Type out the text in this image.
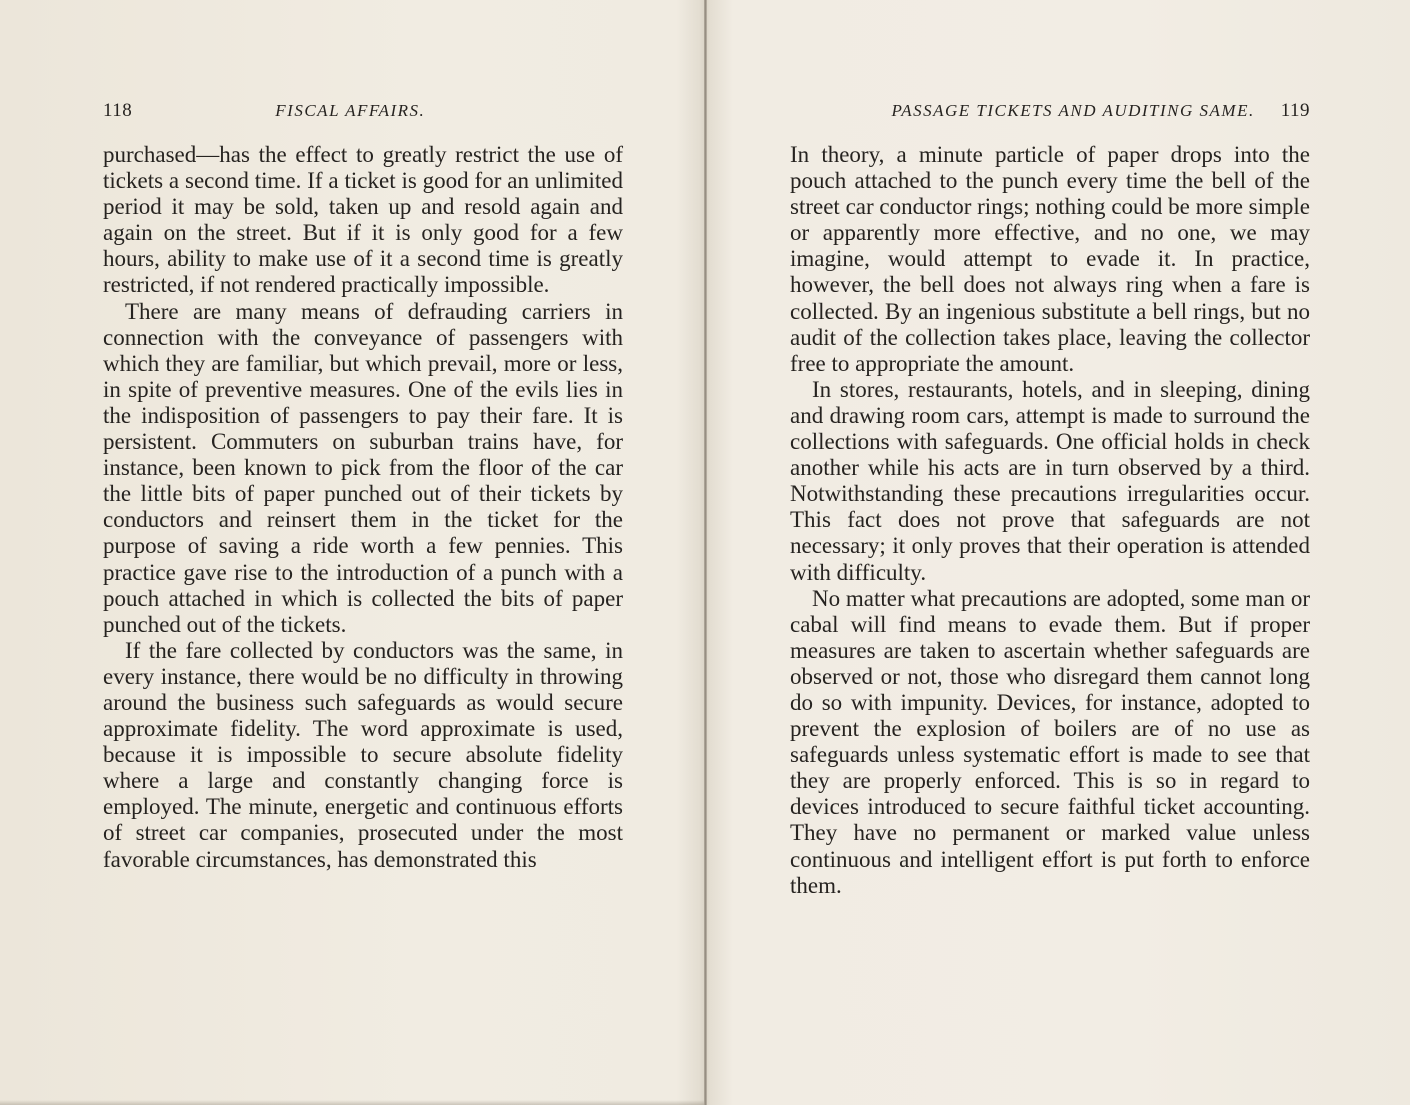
118	FISCAL AFFAIRS.

purchased—has the effect to greatly restrict the use of tickets a second time. If a ticket is good for an unlimited period it may be sold, taken up and resold again and again on the street. But if it is only good for a few hours, ability to make use of it a second time is greatly restricted, if not rendered practically impossible.

There are many means of defrauding carriers in connection with the conveyance of passengers with which they are familiar, but which prevail, more or less, in spite of preventive measures. One of the evils lies in the indisposition of passengers to pay their fare. It is persistent. Commuters on suburban trains have, for instance, been known to pick from the floor of the car the little bits of paper punched out of their tickets by conductors and reinsert them in the ticket for the purpose of saving a ride worth a few pennies. This practice gave rise to the introduction of a punch with a pouch attached in which is collected the bits of paper punched out of the tickets.

If the fare collected by conductors was the same, in every instance, there would be no difficulty in throwing around the business such safeguards as would secure approximate fidelity. The word approximate is used, because it is impossible to secure absolute fidelity where a large and constantly changing force is employed. The minute, energetic and continuous efforts of street car companies, prosecuted under the most favorable circumstances, has demonstrated this

PASSAGE TICKETS AND AUDITING SAME. 119

In theory, a minute particle of paper drops into the pouch attached to the punch every time the bell of the street car conductor rings; nothing could be more simple or apparently more effective, and no one, we may imagine, would attempt to evade it. In practice, however, the bell does not always ring when a fare is collected. By an ingenious substitute a bell rings, but no audit of the collection takes place, leaving the collector free to appropriate the amount.

In stores, restaurants, hotels, and in sleeping, dining and drawing room cars, attempt is made to surround the collections with safeguards. One official holds in check another while his acts are in turn observed by a third. Notwithstanding these precautions irregularities occur. This fact does not prove that safeguards are not necessary; it only proves that their operation is attended with difficulty.

No matter what precautions are adopted, some man or cabal will find means to evade them. But if proper measures are taken to ascertain whether safeguards are observed or not, those who disregard them cannot long do so with impunity. Devices, for instance, adopted to prevent the explosion of boilers are of no use as safeguards unless systematic effort is made to see that they are properly enforced. This is so in regard to devices introduced to secure faithful ticket accounting. They have no permanent or marked value unless continuous and intelligent effort is put forth to enforce them.
